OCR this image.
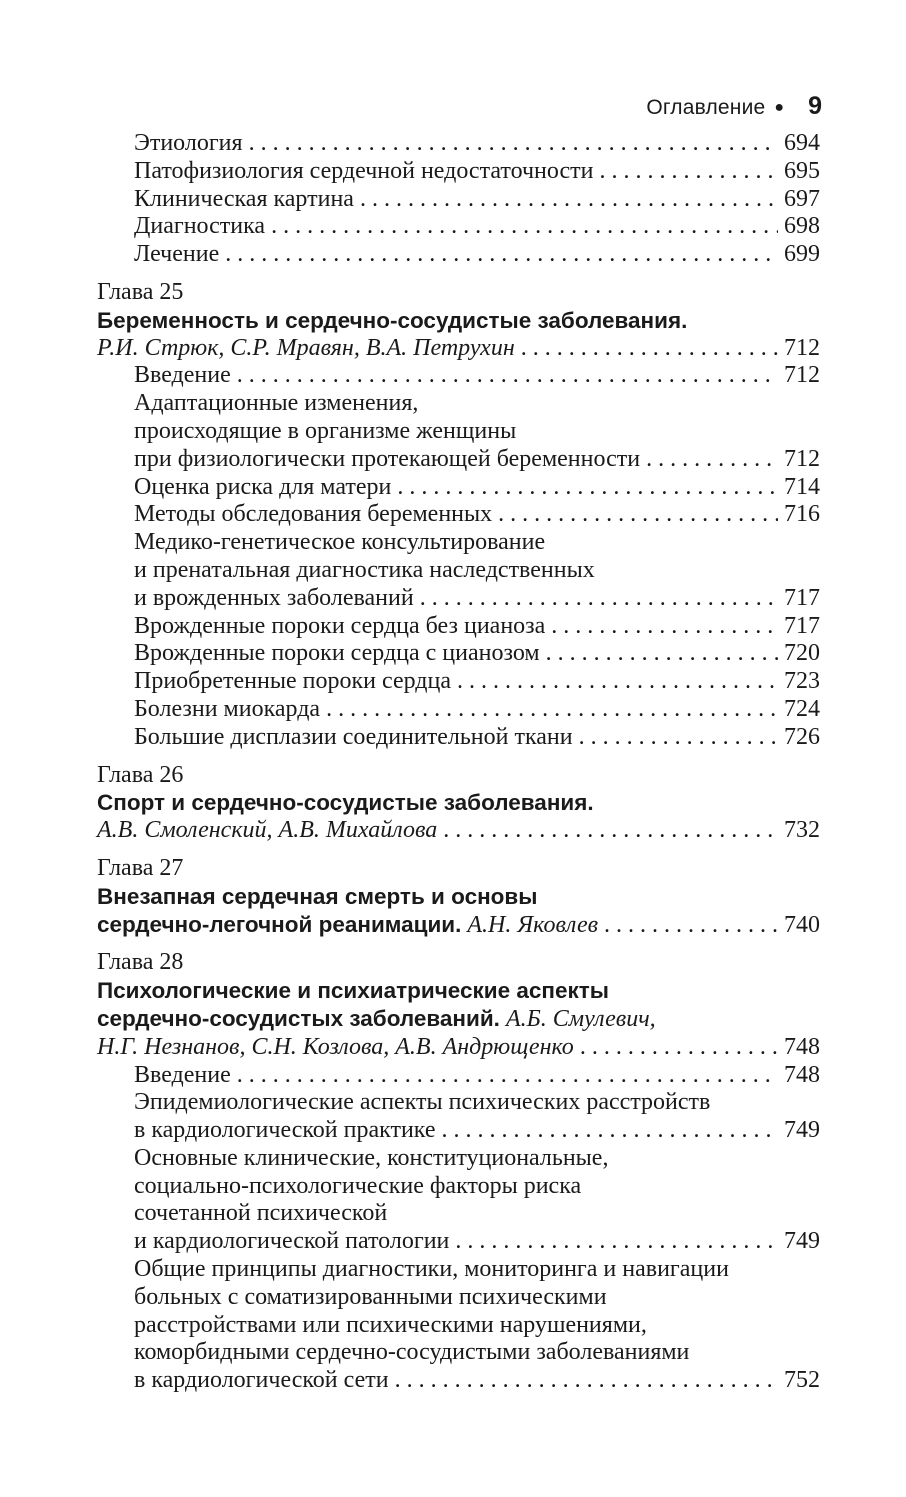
Оглавление ● 9
Этиология . . .	694
Патофизиология сердечной недостаточности . . .	695
Клиническая картина . . .	697
Диагностика . . .	698
Лечение . . .	699
Глава 25
Беременность и сердечно-сосудистые заболевания.
Р.И. Стрюк, С.Р. Мравян, В.А. Петрухин . . .	712
Введение . . .	712
Адаптационные изменения,
происходящие в организме женщины
при физиологически протекающей беременности . . .	712
Оценка риска для матери . . .	714
Методы обследования беременных . . .	716
Медико-генетическое консультирование
и пренатальная диагностика наследственных
и врожденных заболеваний . . .	717
Врожденные пороки сердца без цианоза . . .	717
Врожденные пороки сердца с цианозом . . .	720
Приобретенные пороки сердца . . .	723
Болезни миокарда . . .	724
Большие дисплазии соединительной ткани . . .	726
Глава 26
Спорт и сердечно-сосудистые заболевания.
А.В. Смоленский, А.В. Михайлова . . .	732
Глава 27
Внезапная сердечная смерть и основы
сердечно-легочной реанимации. А.Н. Яковлев . . .	740
Глава 28
Психологические и психиатрические аспекты
сердечно-сосудистых заболеваний. А.Б. Смулевич,
Н.Г. Незнанов, С.Н. Козлова, А.В. Андрющенко . . .	748
Введение . . .	748
Эпидемиологические аспекты психических расстройств
в кардиологической практике . . .	749
Основные клинические, конституциональные,
социально-психологические факторы риска
сочетанной психической
и кардиологической патологии . . .	749
Общие принципы диагностики, мониторинга и навигации
больных с соматизированными психическими
расстройствами или психическими нарушениями,
коморбидными сердечно-сосудистыми заболеваниями
в кардиологической сети . . .	752
